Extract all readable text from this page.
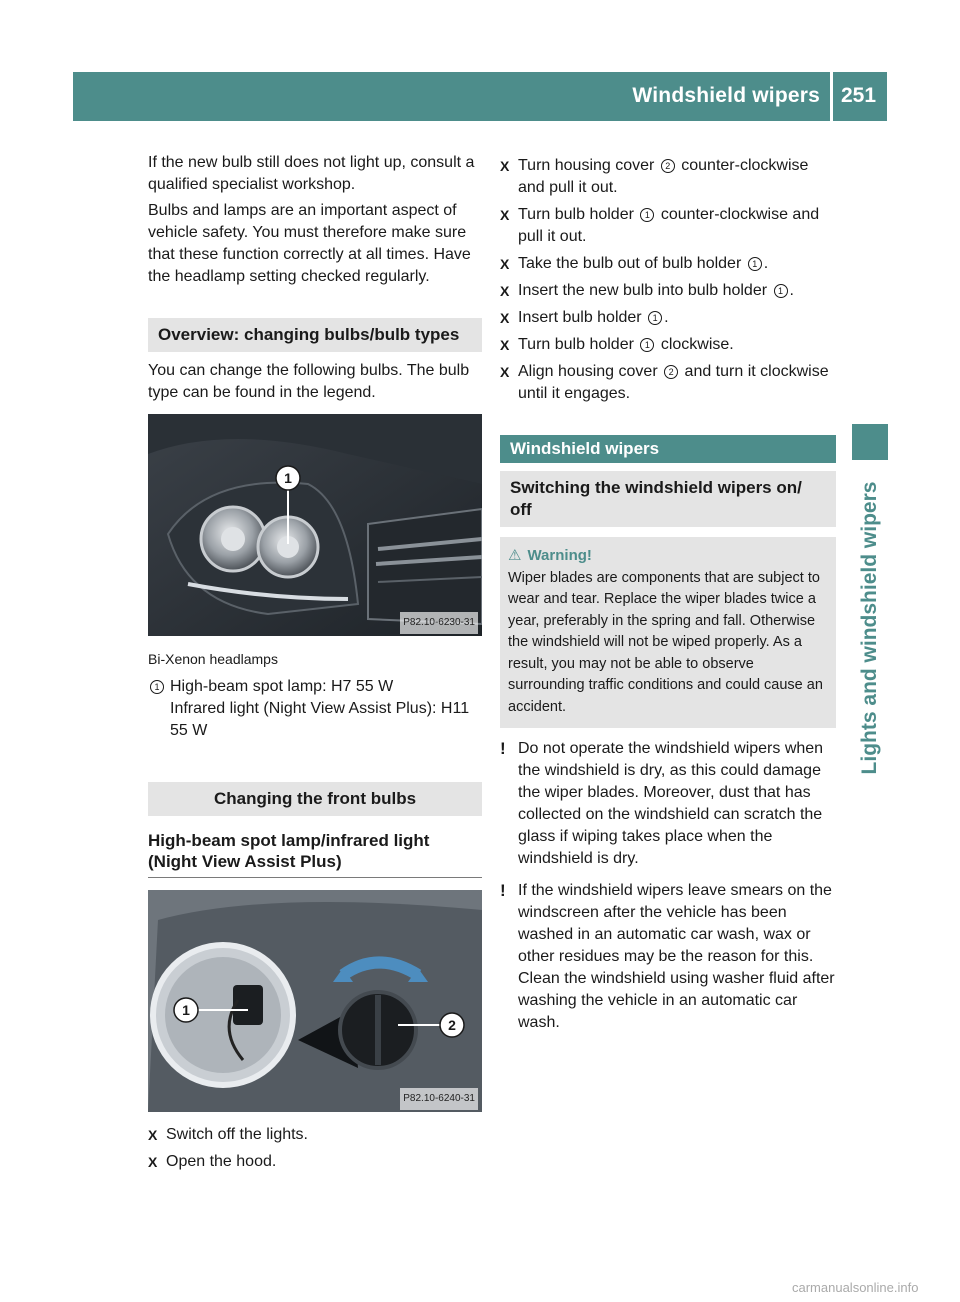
Windshield wipers 251
Lights and windshield wipers

If the new bulb still does not light up, consult a qualified specialist workshop.

Bulbs and lamps are an important aspect of vehicle safety. You must therefore make sure that these function correctly at all times. Have the headlamp setting checked regularly.

Overview: changing bulbs/bulb types

You can change the following bulbs. The bulb type can be found in the legend.

1
P82.10-6230-31
Bi-Xenon headlamps
1 High-beam spot lamp: H7 55 W
Infrared light (Night View Assist Plus): H11 55 W
Changing the front bulbs
High-beam spot lamp/infrared light (Night View Assist Plus)
1
2
P82.10-6240-31
X Switch off the lights.
X Open the hood.
X Turn housing cover 2 counter-clockwise and pull it out.
X Turn bulb holder 1 counter-clockwise and pull it out.
X Take the bulb out of bulb holder 1 .
X Insert the new bulb into bulb holder 1 .
X Insert bulb holder 1 .
X Turn bulb holder 1 clockwise.
X Align housing cover 2 and turn it clockwise until it engages.
Windshield wipers
Switching the windshield wipers on/ off
⚠ Warning!
Wiper blades are components that are subject to wear and tear. Replace the wiper blades twice a year, preferably in the spring and fall. Otherwise the windshield will not be wiped properly. As a result, you may not be able to observe surrounding traffic conditions and could cause an accident.
! Do not operate the windshield wipers when the windshield is dry, as this could damage the wiper blades. Moreover, dust that has collected on the windshield can scratch the glass if wiping takes place when the windshield is dry.
! If the windshield wipers leave smears on the windscreen after the vehicle has been washed in an automatic car wash, wax or other residues may be the reason for this. Clean the windshield using washer fluid after washing the vehicle in an automatic car wash.
carmanualsonline.info
